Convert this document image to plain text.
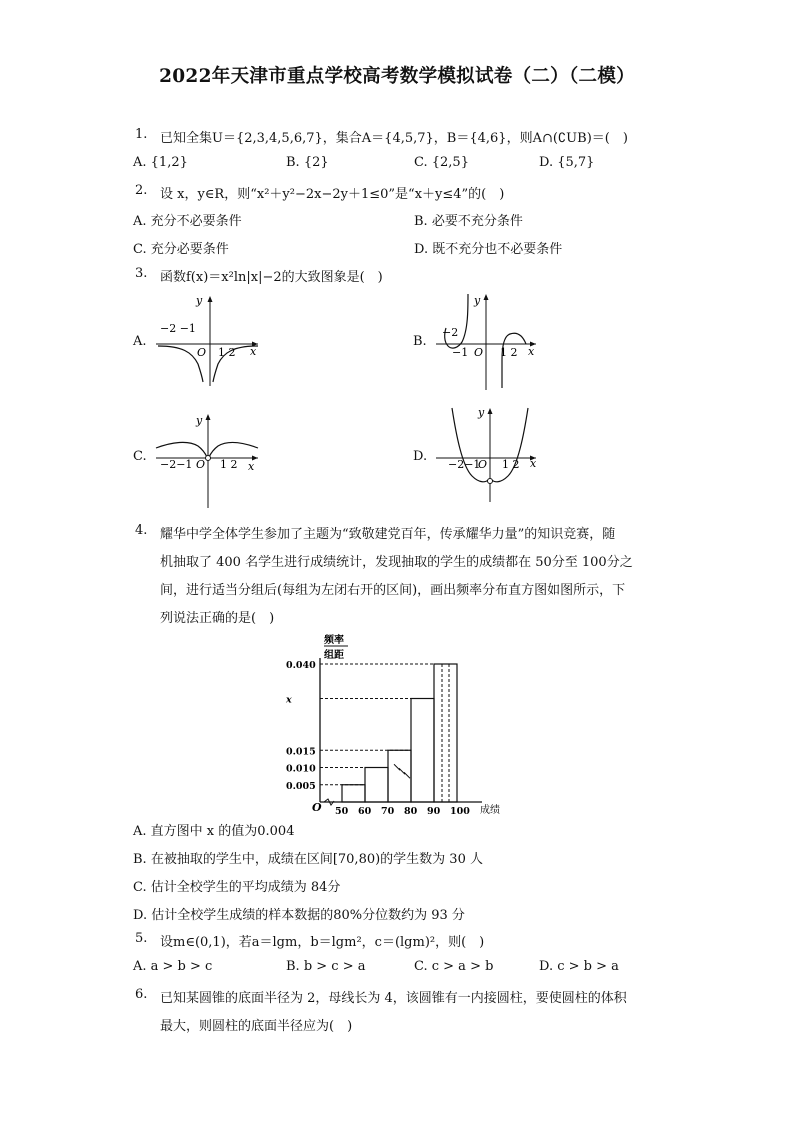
2022年天津市重点学校高考数学模拟试卷（二）（二模）
1. 已知全集U＝{2,3,4,5,6,7}，集合A＝{4,5,7}，B＝{4,6}，则A∩(∁UB)＝(　)
A. {1,2}	B. {2}	C. {2,5}	D. {5,7}
2. 设 x，y∈R，则“x²＋y²−2x−2y＋1≤0”是“x＋y≤4”的(　)
A. 充分不必要条件	B. 必要不充分条件
C. 充分必要条件	D. 既不充分也不必要条件
3. 函数f(x)＝x²ln|x|−2的大致图象是(　)
A.	B.
C.	D.
y
−2 −1
O 1 2 x
y
−2
−1 O 1 2 x
y
−2−1 O 1 2 x
y
−2−1
O 1 2 x
4. 耀华中学全体学生参加了主题为“致敬建党百年，传承耀华力量”的知识竞赛，随
机抽取了 400 名学生进行成绩统计，发现抽取的学生的成绩都在 50分至 100分之
间，进行适当分组后(每组为左闭右开的区间)，画出频率分布直方图如图所示，下
列说法正确的是(　)
频率
组距
O	成绩
0.040
x
0.015
0.010
0.005
50 60 70 80 90 100
A. 直方图中 x 的值为0.004
B. 在被抽取的学生中，成绩在区间[70,80)的学生数为 30 人
C. 估计全校学生的平均成绩为 84分
D. 估计全校学生成绩的样本数据的80%分位数约为 93 分
5. 设m∈(0,1)，若a＝lgm，b＝lgm²，c＝(lgm)²，则(　)
A. a > b > c	B. b > c > a	C. c > a > b	D. c > b > a
6. 已知某圆锥的底面半径为 2，母线长为 4，该圆锥有一内接圆柱，要使圆柱的体积
最大，则圆柱的底面半径应为(　)
